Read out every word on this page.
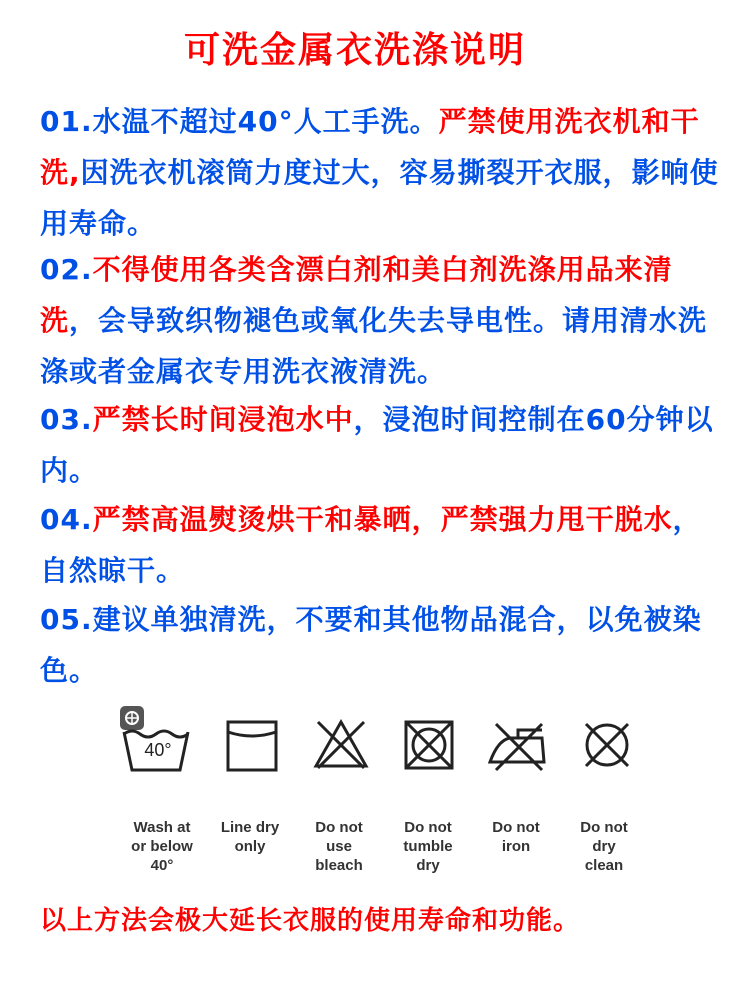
可洗金属衣洗涤说明
01.水温不超过40°人工手洗。严禁使用洗衣机和干洗,因洗衣机滚筒力度过大，容易撕裂开衣服，影响使用寿命。
02.不得使用各类含漂白剂和美白剂洗涤用品来清洗，会导致织物褪色或氧化失去导电性。请用清水洗涤或者金属衣专用洗衣液清洗。
03.严禁长时间浸泡水中，浸泡时间控制在60分钟以内。
04.严禁高温熨烫烘干和暴晒，严禁强力甩干脱水，自然晾干。
05.建议单独清洗，不要和其他物品混合，以免被染色。
40°
Wash at
or below
40°
Line dry
only
Do not
use
bleach
Do not
tumble
dry
Do not
iron
Do not
dry
clean
以上方法会极大延长衣服的使用寿命和功能。
